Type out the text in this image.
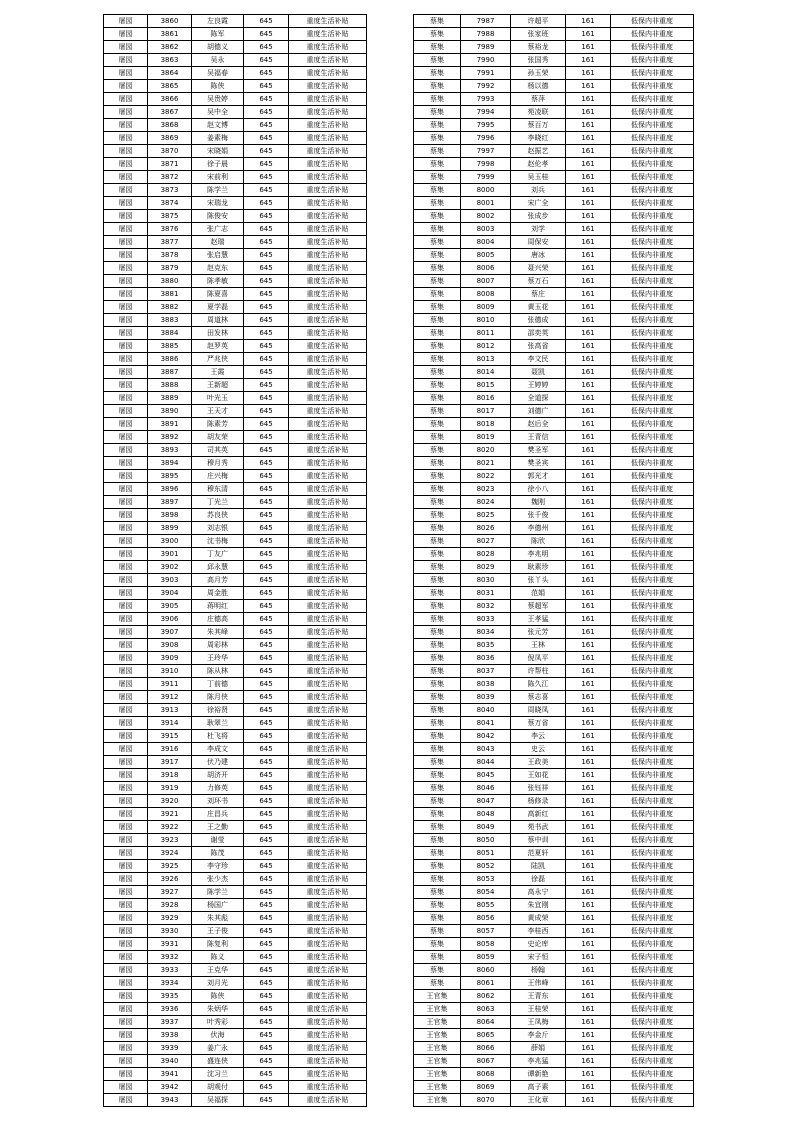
屠园	3860	左良霞	645	重度生活补贴
屠园	3861	陈军	645	重度生活补贴
屠园	3862	胡德义	645	重度生活补贴
屠园	3863	吴永	645	重度生活补贴
屠园	3864	吴福春	645	重度生活补贴
屠园	3865	陈侠	645	重度生活补贴
屠园	3866	吴贵婷	645	重度生活补贴
屠园	3867	吴中全	645	重度生活补贴
屠园	3868	赵文博	645	重度生活补贴
屠园	3869	姜素梅	645	重度生活补贴
屠园	3870	宋晓娟	645	重度生活补贴
屠园	3871	徐子晨	645	重度生活补贴
屠园	3872	宋前利	645	重度生活补贴
屠园	3873	陈学兰	645	重度生活补贴
屠园	3874	宋瑞龙	645	重度生活补贴
屠园	3875	陈俊安	645	重度生活补贴
屠园	3876	张广志	645	重度生活补贴
屠园	3877	赵瑞	645	重度生活补贴
屠园	3878	张启慧	645	重度生活补贴
屠园	3879	赵克东	645	重度生活补贴
屠园	3880	陈孝敏	645	重度生活补贴
屠园	3881	陈夏喜	645	重度生活补贴
屠园	3882	夏学磊	645	重度生活补贴
屠园	3883	周道林	645	重度生活补贴
屠园	3884	田发林	645	重度生活补贴
屠园	3885	赵罗英	645	重度生活补贴
屠园	3886	严兆侠	645	重度生活补贴
屠园	3887	王霞	645	重度生活补贴
屠园	3888	王新超	645	重度生活补贴
屠园	3889	叶光玉	645	重度生活补贴
屠园	3890	王天才	645	重度生活补贴
屠园	3891	陈素芳	645	重度生活补贴
屠园	3892	胡友荣	645	重度生活补贴
屠园	3893	司其英	645	重度生活补贴
屠园	3894	穆月秀	645	重度生活补贴
屠园	3895	庄兴梅	645	重度生活补贴
屠园	3896	穆东清	645	重度生活补贴
屠园	3897	丁光兰	645	重度生活补贴
屠园	3898	苏良侠	645	重度生活补贴
屠园	3899	刘志银	645	重度生活补贴
屠园	3900	沈书梅	645	重度生活补贴
屠园	3901	丁友广	645	重度生活补贴
屠园	3902	邱永慧	645	重度生活补贴
屠园	3903	高月芳	645	重度生活补贴
屠园	3904	周金胜	645	重度生活补贴
屠园	3905	蒋明红	645	重度生活补贴
屠园	3906	庄德高	645	重度生活补贴
屠园	3907	朱其峰	645	重度生活补贴
屠园	3908	周彩林	645	重度生活补贴
屠园	3909	王玲华	645	重度生活补贴
屠园	3910	陈从林	645	重度生活补贴
屠园	3911	丁前德	645	重度生活补贴
屠园	3912	陈月侠	645	重度生活补贴
屠园	3913	徐裕贤	645	重度生活补贴
屠园	3914	耿翠兰	645	重度生活补贴
屠园	3915	杜飞将	645	重度生活补贴
屠园	3916	李成文	645	重度生活补贴
屠园	3917	伏乃建	645	重度生活补贴
屠园	3918	胡济开	645	重度生活补贴
屠园	3919	力修英	645	重度生活补贴
屠园	3920	刘环书	645	重度生活补贴
屠园	3921	庄昌兵	645	重度生活补贴
屠园	3922	王之勤	645	重度生活补贴
屠园	3923	谢莹	645	重度生活补贴
屠园	3924	陈茂	645	重度生活补贴
屠园	3925	李守珍	645	重度生活补贴
屠园	3926	张少杰	645	重度生活补贴
屠园	3927	陈学兰	645	重度生活补贴
屠园	3928	杨国广	645	重度生活补贴
屠园	3929	朱其彪	645	重度生活补贴
屠园	3930	王子俊	645	重度生活补贴
屠园	3931	陈复利	645	重度生活补贴
屠园	3932	陈义	645	重度生活补贴
屠园	3933	王克华	645	重度生活补贴
屠园	3934	刘月光	645	重度生活补贴
屠园	3935	陈侠	645	重度生活补贴
屠园	3936	朱炳华	645	重度生活补贴
屠园	3937	叶秀彩	645	重度生活补贴
屠园	3938	伏海	645	重度生活补贴
屠园	3939	姜广永	645	重度生活补贴
屠园	3940	盛连侠	645	重度生活补贴
屠园	3941	沈习兰	645	重度生活补贴
屠园	3942	胡观付	645	重度生活补贴
屠园	3943	吴福探	645	重度生活补贴
蔡集	7987	许超平	161	低保内非重度
蔡集	7988	张家班	161	低保内非重度
蔡集	7989	蔡裕龙	161	低保内非重度
蔡集	7990	张国秀	161	低保内非重度
蔡集	7991	孙玉荣	161	低保内非重度
蔡集	7992	杨以德	161	低保内非重度
蔡集	7993	蔡萍	161	低保内非重度
蔡集	7994	苑凌联	161	低保内非重度
蔡集	7995	蔡百万	161	低保内非重度
蔡集	7996	李晓红	161	低保内非重度
蔡集	7997	赵振艺	161	低保内非重度
蔡集	7998	赵伦孝	161	低保内非重度
蔡集	7999	吴玉桂	161	低保内非重度
蔡集	8000	刘兵	161	低保内非重度
蔡集	8001	宋广全	161	低保内非重度
蔡集	8002	张成步	161	低保内非重度
蔡集	8003	刘学	161	低保内非重度
蔡集	8004	周保安	161	低保内非重度
蔡集	8005	唐冰	161	低保内非重度
蔡集	8006	聂兴荣	161	低保内非重度
蔡集	8007	蔡万石	161	低保内非重度
蔡集	8008	蔡庄	161	低保内非重度
蔡集	8009	黄玉花	161	低保内非重度
蔡集	8010	张德成	161	低保内非重度
蔡集	8011	邵奕英	161	低保内非重度
蔡集	8012	张高省	161	低保内非重度
蔡集	8013	李文民	161	低保内非重度
蔡集	8014	聂凯	161	低保内非重度
蔡集	8015	王婷婷	161	低保内非重度
蔡集	8016	全道探	161	低保内非重度
蔡集	8017	刘德广	161	低保内非重度
蔡集	8018	赵后全	161	低保内非重度
蔡集	8019	王青信	161	低保内非重度
蔡集	8020	樊圣军	161	低保内非重度
蔡集	8021	樊圣宾	161	低保内非重度
蔡集	8022	郭光才	161	低保内非重度
蔡集	8023	徐小八	161	低保内非重度
蔡集	8024	魏刚	161	低保内非重度
蔡集	8025	张千俊	161	低保内非重度
蔡集	8026	李德州	161	低保内非重度
蔡集	8027	陈欣	161	低保内非重度
蔡集	8028	李兆明	161	低保内非重度
蔡集	8029	耿素珍	161	低保内非重度
蔡集	8030	张丫头	161	低保内非重度
蔡集	8031	范娟	161	低保内非重度
蔡集	8032	蔡超军	161	低保内非重度
蔡集	8033	王孝猛	161	低保内非重度
蔡集	8034	张元芳	161	低保内非重度
蔡集	8035	王林	161	低保内非重度
蔡集	8036	倪凤平	161	低保内非重度
蔡集	8037	许帮柱	161	低保内非重度
蔡集	8038	陈久江	161	低保内非重度
蔡集	8039	蔡志喜	161	低保内非重度
蔡集	8040	周晓凤	161	低保内非重度
蔡集	8041	蔡万省	161	低保内非重度
蔡集	8042	李云	161	低保内非重度
蔡集	8043	史云	161	低保内非重度
蔡集	8044	王政美	161	低保内非重度
蔡集	8045	王如花	161	低保内非重度
蔡集	8046	张钰祥	161	低保内非重度
蔡集	8047	杨修录	161	低保内非重度
蔡集	8048	高新红	161	低保内非重度
蔡集	8049	苑书武	161	低保内非重度
蔡集	8050	蔡中训	161	低保内非重度
蔡集	8051	范夏轩	161	低保内非重度
蔡集	8052	陆凯	161	低保内非重度
蔡集	8053	徐磊	161	低保内非重度
蔡集	8054	高永宁	161	低保内非重度
蔡集	8055	朱宜刚	161	低保内非重度
蔡集	8056	黄成荣	161	低保内非重度
蔡集	8057	李桂西	161	低保内非重度
蔡集	8058	史论库	161	低保内非重度
蔡集	8059	宋子恒	161	低保内非重度
蔡集	8060	杨翰	161	低保内非重度
蔡集	8061	王伟峰	161	低保内非重度
王官集	8062	王青东	161	低保内非重度
王官集	8063	王桂荣	161	低保内非重度
王官集	8064	王凤梅	161	低保内非重度
王官集	8065	李金斤	161	低保内非重度
王官集	8066	薛娟	161	低保内非重度
王官集	8067	李兆猛	161	低保内非重度
王官集	8068	谭新艳	161	低保内非重度
王官集	8069	高子素	161	低保内非重度
王官集	8070	王化章	161	低保内非重度
